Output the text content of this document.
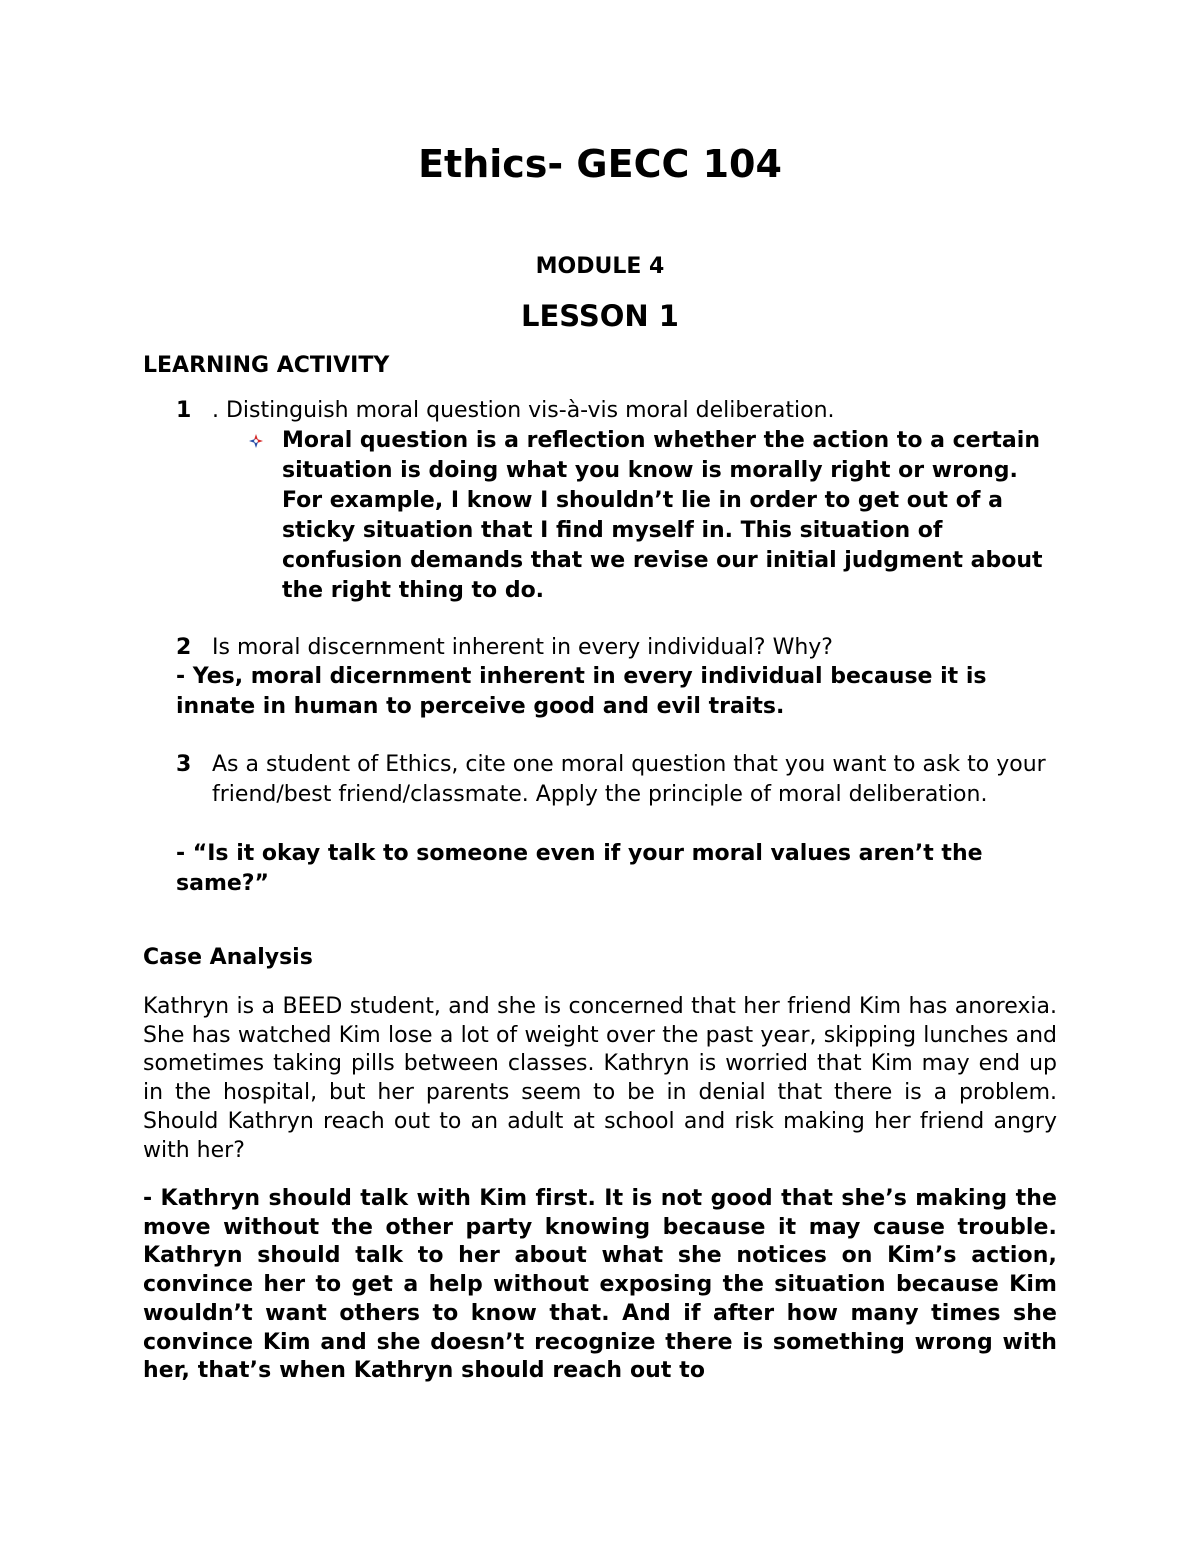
Ethics- GECC 104
MODULE 4
LESSON 1
LEARNING ACTIVITY
1 . Distinguish moral question vis-à-vis moral deliberation.
Moral question is a reflection whether the action to a certain situation is doing what you know is morally right or wrong. For example, I know I shouldn’t lie in order to get out of a sticky situation that I find myself in. This situation of confusion demands that we revise our initial judgment about the right thing to do.
2 Is moral discernment inherent in every individual? Why?
- Yes, moral dicernment inherent in every individual because it is innate in human to perceive good and evil traits.
3 As a student of Ethics, cite one moral question that you want to ask to your friend/best friend/classmate. Apply the principle of moral deliberation.
- “Is it okay talk to someone even if your moral values aren’t the same?”
Case Analysis

Kathryn is a BEED student, and she is concerned that her friend Kim has anorexia. She has watched Kim lose a lot of weight over the past year, skipping lunches and sometimes taking pills between classes. Kathryn is worried that Kim may end up in the hospital, but her parents seem to be in denial that there is a problem. Should Kathryn reach out to an adult at school and risk making her friend angry with her?

- Kathryn should talk with Kim first. It is not good that she’s making the move without the other party knowing because it may cause trouble. Kathryn should talk to her about what she notices on Kim’s action, convince her to get a help without exposing the situation because Kim wouldn’t want others to know that. And if after how many times she convince Kim and she doesn’t recognize there is something wrong with her, that’s when Kathryn should reach out to
